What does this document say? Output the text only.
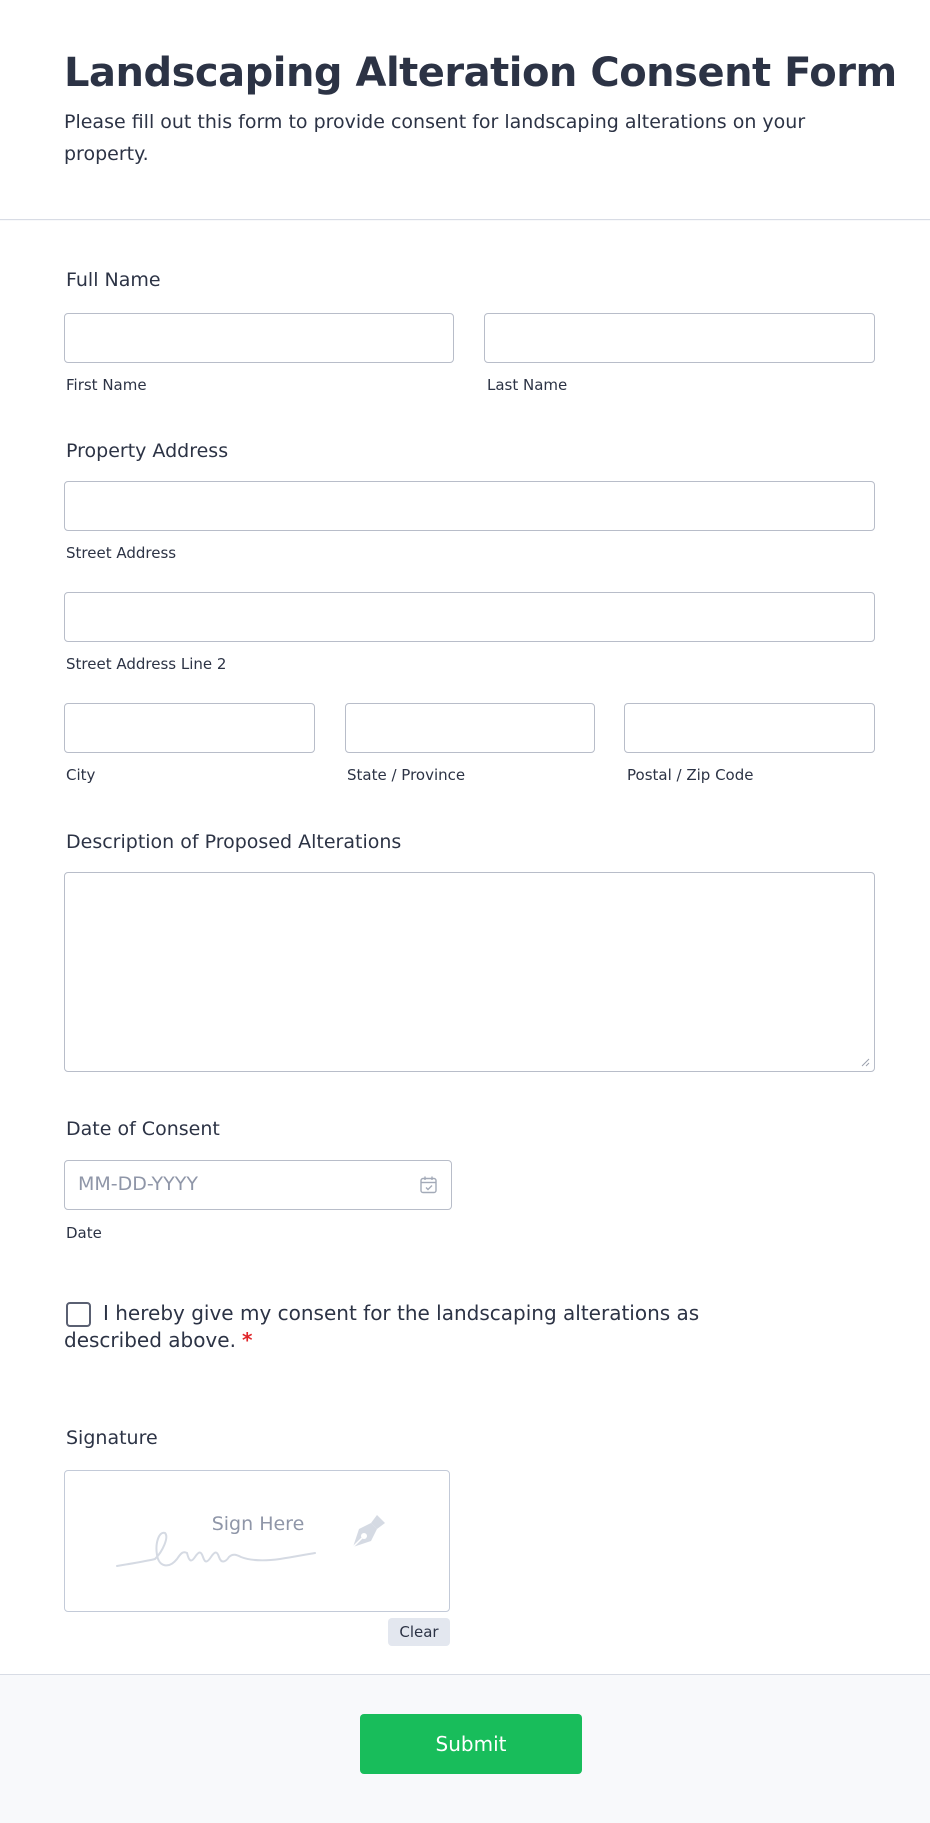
Landscaping Alteration Consent Form
Please fill out this form to provide consent for landscaping alterations on your property.
Full Name
First Name	Last Name
Property Address
Street Address
Street Address Line 2
City	State / Province	Postal / Zip Code
Description of Proposed Alterations
Date of Consent
MM-DD-YYYY
Date
I hereby give my consent for the landscaping alterations as described above. *
Signature
Sign Here
Clear
Submit
